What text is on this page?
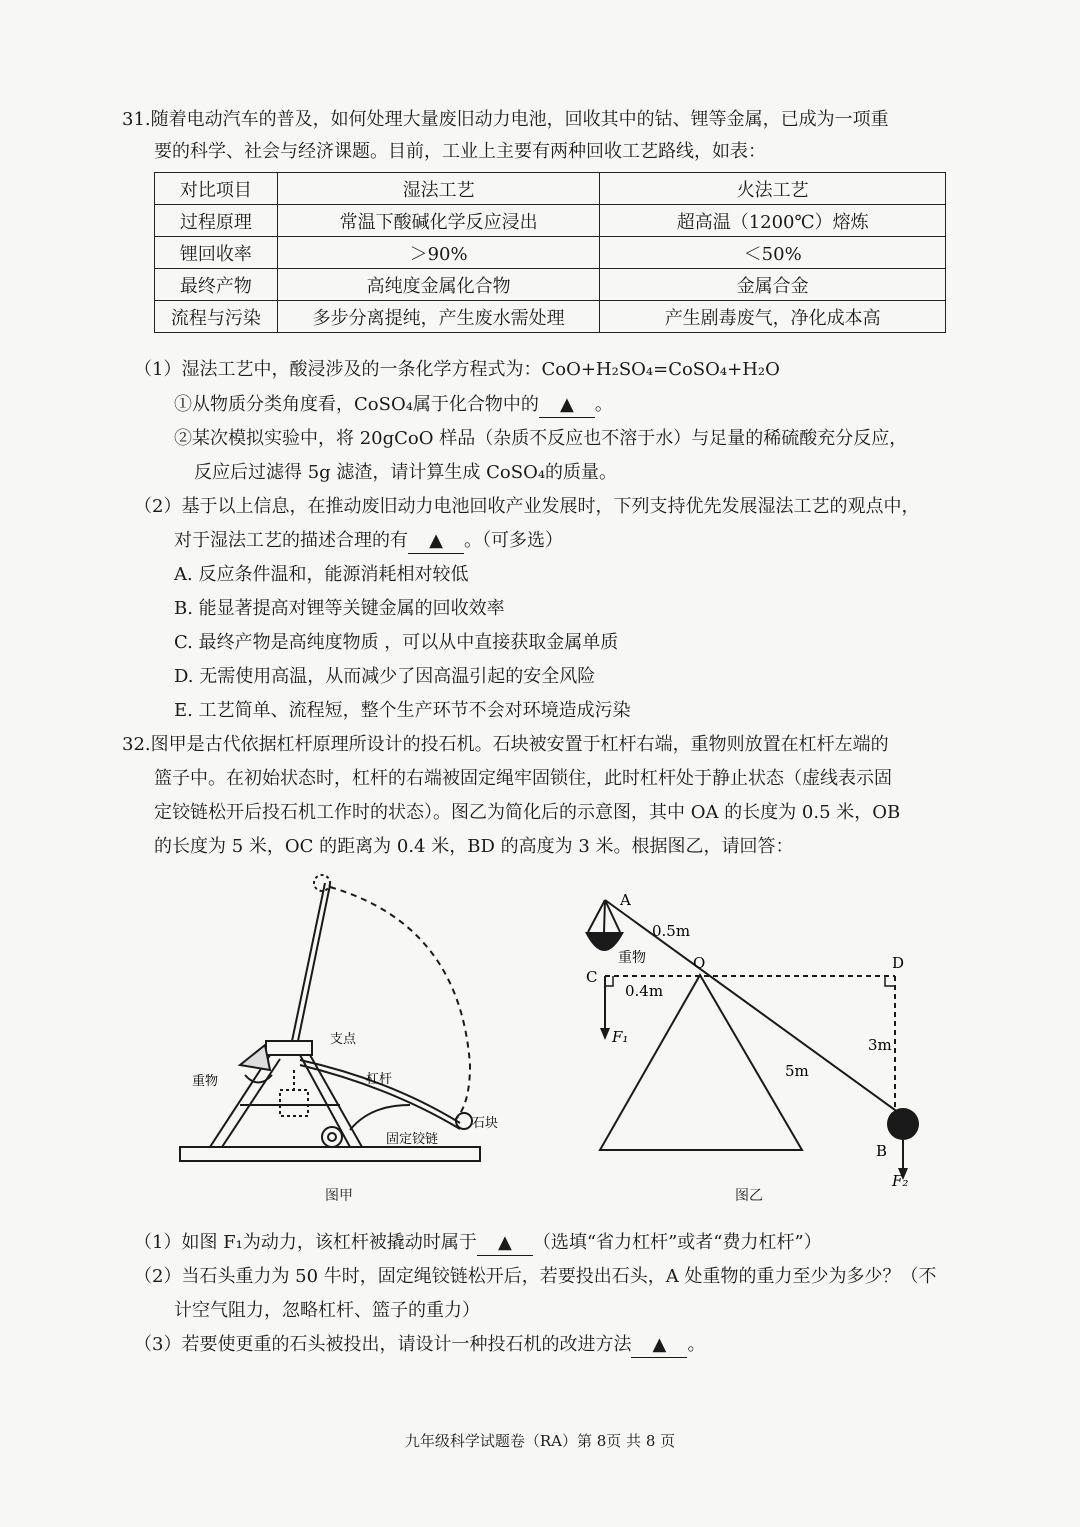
31.随着电动汽车的普及，如何处理大量废旧动力电池，回收其中的钴、锂等金属，已成为一项重
要的科学、社会与经济课题。目前，工业上主要有两种回收工艺路线，如表：
对比项目	湿法工艺	火法工艺
过程原理	常温下酸碱化学反应浸出	超高温（1200℃）熔炼
锂回收率	＞90%	＜50%
最终产物	高纯度金属化合物	金属合金
流程与污染	多步分离提纯，产生废水需处理	产生剧毒废气，净化成本高
（1）湿法工艺中，酸浸涉及的一条化学方程式为：CoO+H₂SO₄=CoSO₄+H₂O
①从物质分类角度看，CoSO₄属于化合物中的 ▲ 。
②某次模拟实验中，将 20gCoO 样品（杂质不反应也不溶于水）与足量的稀硫酸充分反应，
反应后过滤得 5g 滤渣，请计算生成 CoSO₄的质量。
（2）基于以上信息，在推动废旧动力电池回收产业发展时，下列支持优先发展湿法工艺的观点中，
对于湿法工艺的描述合理的有 ▲ 。（可多选）
A. 反应条件温和，能源消耗相对较低
B. 能显著提高对锂等关键金属的回收效率
C. 最终产物是高纯度物质 ，可以从中直接获取金属单质
D. 无需使用高温，从而减少了因高温引起的安全风险
E. 工艺简单、流程短，整个生产环节不会对环境造成污染
32.图甲是古代依据杠杆原理所设计的投石机。石块被安置于杠杆右端，重物则放置在杠杆左端的
篮子中。在初始状态时，杠杆的右端被固定绳牢固锁住，此时杠杆处于静止状态（虚线表示固
定铰链松开后投石机工作时的状态）。图乙为简化后的示意图，其中 OA 的长度为 0.5 米，OB
的长度为 5 米，OC 的距离为 0.4 米，BD 的高度为 3 米。根据图乙，请回答：
支点
重物	杠杆
石块
固定铰链
图甲
A
O
C
D
B
0.5m
0.4m
5m
3m
重物
F₁
F₂
图乙
（1）如图 F₁为动力，该杠杆被撬动时属于 ▲ （选填“省力杠杆”或者“费力杠杆”）
（2）当石头重力为 50 牛时，固定绳铰链松开后，若要投出石头，A 处重物的重力至少为多少？（不
计空气阻力，忽略杠杆、篮子的重力）
（3）若要使更重的石头被投出，请设计一种投石机的改进方法 ▲ 。
九年级科学试题卷（RA）第 8页 共 8 页
